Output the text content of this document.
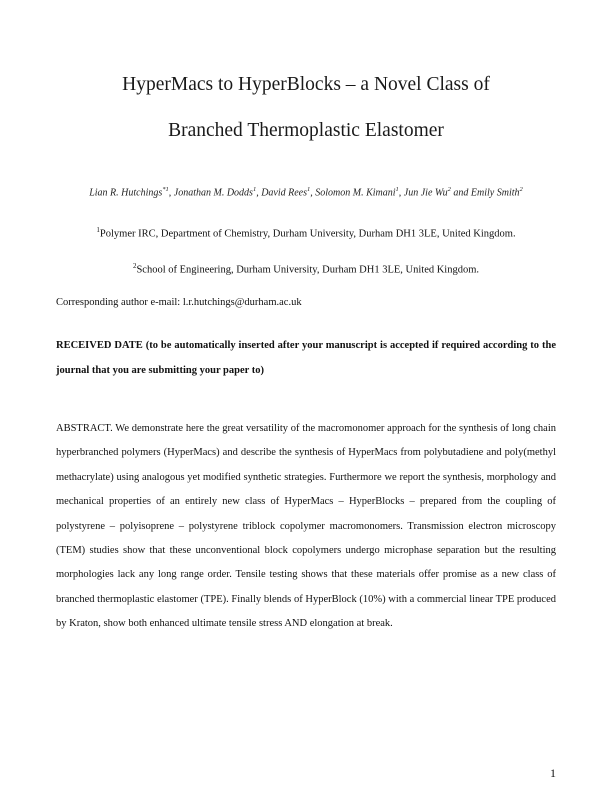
HyperMacs to HyperBlocks – a Novel Class of
Branched Thermoplastic Elastomer
Lian R. Hutchings$^{*1}$, Jonathan M. Dodds$^1$, David Rees$^1$, Solomon M. Kimani$^1$, Jun Jie Wu$^2$ and Emily Smith$^2$
$^1$Polymer IRC, Department of Chemistry, Durham University, Durham DH1 3LE, United Kingdom.
$^2$School of Engineering, Durham University, Durham DH1 3LE, United Kingdom.
Corresponding author e-mail: l.r.hutchings@durham.ac.uk
RECEIVED DATE (to be automatically inserted after your manuscript is accepted if required according to the journal that you are submitting your paper to)
ABSTRACT. We demonstrate here the great versatility of the macromonomer approach for the synthesis of long chain hyperbranched polymers (HyperMacs) and describe the synthesis of HyperMacs from polybutadiene and poly(methyl methacrylate) using analogous yet modified synthetic strategies. Furthermore we report the synthesis, morphology and mechanical properties of an entirely new class of HyperMacs – HyperBlocks – prepared from the coupling of polystyrene – polyisoprene – polystyrene triblock copolymer macromonomers. Transmission electron microscopy (TEM) studies show that these unconventional block copolymers undergo microphase separation but the resulting morphologies lack any long range order. Tensile testing shows that these materials offer promise as a new class of branched thermoplastic elastomer (TPE). Finally blends of HyperBlock (10%) with a commercial linear TPE produced by Kraton, show both enhanced ultimate tensile stress AND elongation at break.
1
